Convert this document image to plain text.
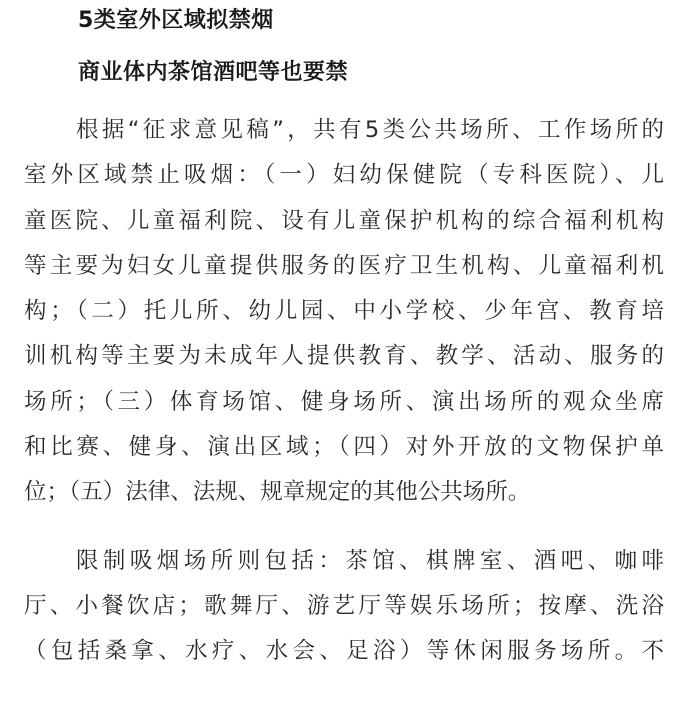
5类室外区域拟禁烟
商业体内茶馆酒吧等也要禁
根据“征求意见稿”，共有5类公共场所、工作场所的
室外区域禁止吸烟：（一）妇幼保健院（专科医院）、儿
童医院、儿童福利院、设有儿童保护机构的综合福利机构
等主要为妇女儿童提供服务的医疗卫生机构、儿童福利机
构；（二）托儿所、幼儿园、中小学校、少年宫、教育培
训机构等主要为未成年人提供教育、教学、活动、服务的
场所；（三）体育场馆、健身场所、演出场所的观众坐席
和比赛、健身、演出区域；（四）对外开放的文物保护单
位；（五）法律、法规、规章规定的其他公共场所。
限制吸烟场所则包括：茶馆、棋牌室、酒吧、咖啡
厅、小餐饮店；歌舞厅、游艺厅等娱乐场所；按摩、洗浴
（包括桑拿、水疗、水会、足浴）等休闲服务场所。不
